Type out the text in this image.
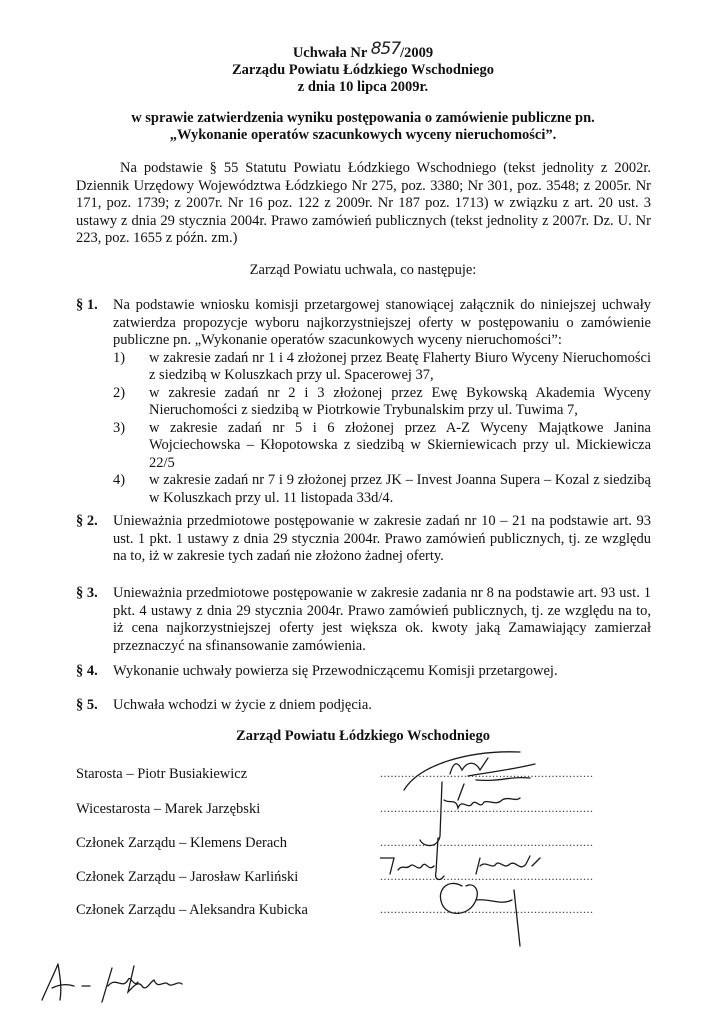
Uchwała Nr 857/2009
Zarządu Powiatu Łódzkiego Wschodniego
z dnia 10 lipca 2009r.
w sprawie zatwierdzenia wyniku postępowania o zamówienie publiczne pn.
„Wykonanie operatów szacunkowych wyceny nieruchomości”.
Na podstawie § 55 Statutu Powiatu Łódzkiego Wschodniego (tekst jednolity z 2002r. Dziennik Urzędowy Województwa Łódzkiego Nr 275, poz. 3380; Nr 301, poz. 3548; z 2005r. Nr 171, poz. 1739; z 2007r. Nr 16 poz. 122 z 2009r. Nr 187 poz. 1713) w związku z art. 20 ust. 3 ustawy z dnia 29 stycznia 2004r. Prawo zamówień publicznych (tekst jednolity z 2007r. Dz. U. Nr 223, poz. 1655 z późn. zm.)
Zarząd Powiatu uchwala, co następuje:
§ 1. Na podstawie wniosku komisji przetargowej stanowiącej załącznik do niniejszej uchwały zatwierdza propozycje wyboru najkorzystniejszej oferty w postępowaniu o zamówienie publiczne pn. „Wykonanie operatów szacunkowych wyceny nieruchomości”:
1) w zakresie zadań nr 1 i 4 złożonej przez Beatę Flaherty Biuro Wyceny Nieruchomości z siedzibą w Koluszkach przy ul. Spacerowej 37,
2) w zakresie zadań nr 2 i 3 złożonej przez Ewę Bykowską Akademia Wyceny Nieruchomości z siedzibą w Piotrkowie Trybunalskim przy ul. Tuwima 7,
3) w zakresie zadań nr 5 i 6 złożonej przez A-Z Wyceny Majątkowe Janina Wojciechowska – Kłopotowska z siedzibą w Skierniewicach przy ul. Mickiewicza 22/5
4) w zakresie zadań nr 7 i 9 złożonej przez JK – Invest Joanna Supera – Kozal z siedzibą w Koluszkach przy ul. 11 listopada 33d/4.
§ 2. Unieważnia przedmiotowe postępowanie w zakresie zadań nr 10 – 21 na podstawie art. 93 ust. 1 pkt. 1 ustawy z dnia 29 stycznia 2004r. Prawo zamówień publicznych, tj. ze względu na to, iż w zakresie tych zadań nie złożono żadnej oferty.
§ 3. Unieważnia przedmiotowe postępowanie w zakresie zadania nr 8 na podstawie art. 93 ust. 1 pkt. 4 ustawy z dnia 29 stycznia 2004r. Prawo zamówień publicznych, tj. ze względu na to, iż cena najkorzystniejszej oferty jest większa ok. kwoty jaką Zamawiający zamierzał przeznaczyć na sfinansowanie zamówienia.
§ 4. Wykonanie uchwały powierza się Przewodniczącemu Komisji przetargowej.
§ 5. Uchwała wchodzi w życie z dniem podjęcia.
Zarząd Powiatu Łódzkiego Wschodniego
Starosta – Piotr Busiakiewicz	.............................................................
Wicestarosta – Marek Jarzębski	.............................................................
Członek Zarządu – Klemens Derach	.............................................................
Członek Zarządu – Jarosław Karliński	.............................................................
Członek Zarządu – Aleksandra Kubicka	.............................................................
